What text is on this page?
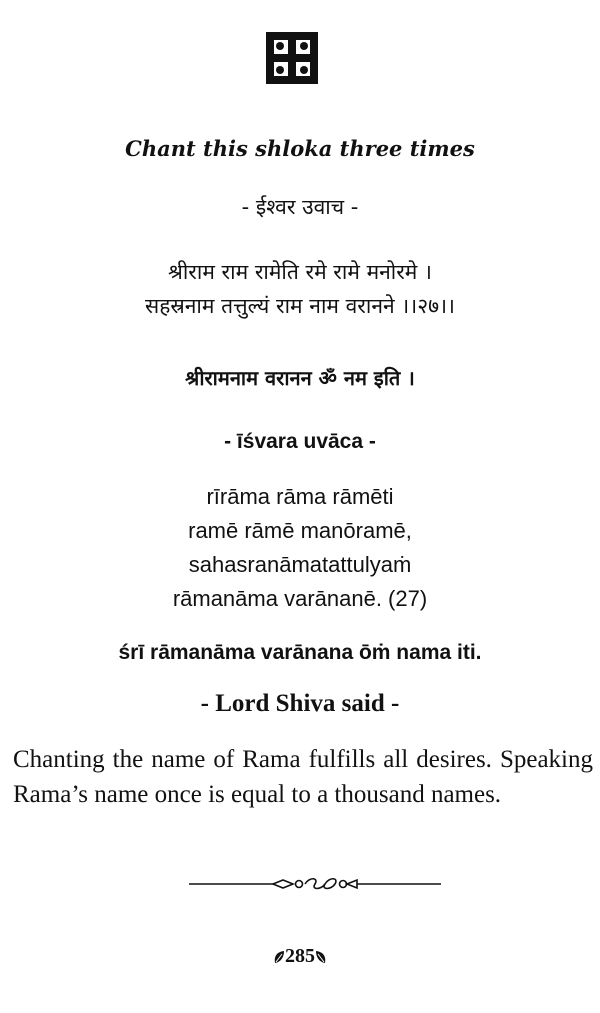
Chant this shloka three times
- ईश्वर उवाच -
श्रीराम राम रामेति रमे रामे मनोरमे ।
सहस्रनाम तत्तुल्यं राम नाम वरानने ।।२७।।
श्रीरामनाम वरानन ॐ नम इति ।
- īśvara uvāca -
rīrāma rāma rāmēti
ramē rāmē manōramē,
sahasranāmatattulyaṁ
rāmanāma varānanē. (27)
śrī rāmanāma varānana ōṁ nama iti.
- Lord Shiva said -
Chanting the name of Rama fulfills all desires. Speaking Rama’s name once is equal to a thousand names.
285
